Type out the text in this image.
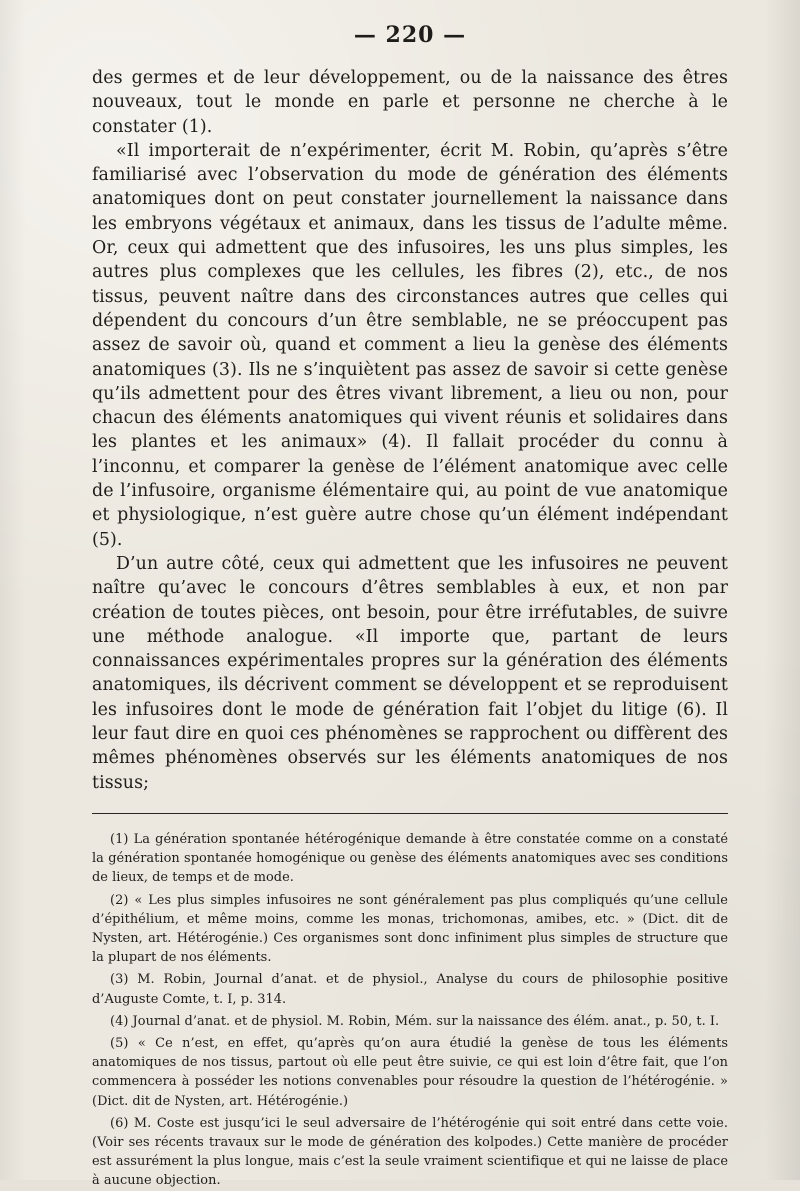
— 220 —

des germes et de leur développement, ou de la naissance des êtres nouveaux, tout le monde en parle et personne ne cherche à le constater (1).

«Il importerait de n’expérimenter, écrit M. Robin, qu’après s’être familiarisé avec l’observation du mode de génération des éléments anatomiques dont on peut constater journellement la naissance dans les embryons végétaux et animaux, dans les tissus de l’adulte même. Or, ceux qui admettent que des infusoires, les uns plus simples, les autres plus complexes que les cellules, les fibres (2), etc., de nos tissus, peuvent naître dans des circonstances autres que celles qui dépendent du concours d’un être semblable, ne se préoccupent pas assez de savoir où, quand et comment a lieu la genèse des éléments anatomiques (3). Ils ne s’inquiètent pas assez de savoir si cette genèse qu’ils admettent pour des êtres vivant librement, a lieu ou non, pour chacun des éléments anatomiques qui vivent réunis et solidaires dans les plantes et les animaux» (4). Il fallait procéder du connu à l’inconnu, et comparer la genèse de l’élément anatomique avec celle de l’infusoire, organisme élémentaire qui, au point de vue anatomique et physiologique, n’est guère autre chose qu’un élément indépendant (5).

D’un autre côté, ceux qui admettent que les infusoires ne peuvent naître qu’avec le concours d’êtres semblables à eux, et non par création de toutes pièces, ont besoin, pour être irréfutables, de suivre une méthode analogue. «Il importe que, partant de leurs connaissances expérimentales propres sur la génération des éléments anatomiques, ils décrivent comment se développent et se reproduisent les infusoires dont le mode de génération fait l’objet du litige (6). Il leur faut dire en quoi ces phénomènes se rapprochent ou diffèrent des mêmes phénomènes observés sur les éléments anatomiques de nos tissus;

(1) La génération spontanée hétérogénique demande à être constatée comme on a constaté la génération spontanée homogénique ou genèse des éléments anatomiques avec ses conditions de lieux, de temps et de mode.

(2) « Les plus simples infusoires ne sont généralement pas plus compliqués qu’une cellule d’épithélium, et même moins, comme les monas, trichomonas, amibes, etc. » (Dict. dit de Nysten, art. Hétérogénie.) Ces organismes sont donc infiniment plus simples de structure que la plupart de nos éléments.

(3) M. Robin, Journal d’anat. et de physiol., Analyse du cours de philosophie positive d’Auguste Comte, t. I, p. 314.

(4) Journal d’anat. et de physiol. M. Robin, Mém. sur la naissance des élém. anat., p. 50, t. I.

(5) « Ce n’est, en effet, qu’après qu’on aura étudié la genèse de tous les éléments anatomiques de nos tissus, partout où elle peut être suivie, ce qui est loin d’être fait, que l’on commencera à posséder les notions convenables pour résoudre la question de l’hétérogénie. » (Dict. dit de Nysten, art. Hétérogénie.)

(6) M. Coste est jusqu’ici le seul adversaire de l’hétérogénie qui soit entré dans cette voie. (Voir ses récents travaux sur le mode de génération des kolpodes.) Cette manière de procéder est assurément la plus longue, mais c’est la seule vraiment scientifique et qui ne laisse de place à aucune objection.
